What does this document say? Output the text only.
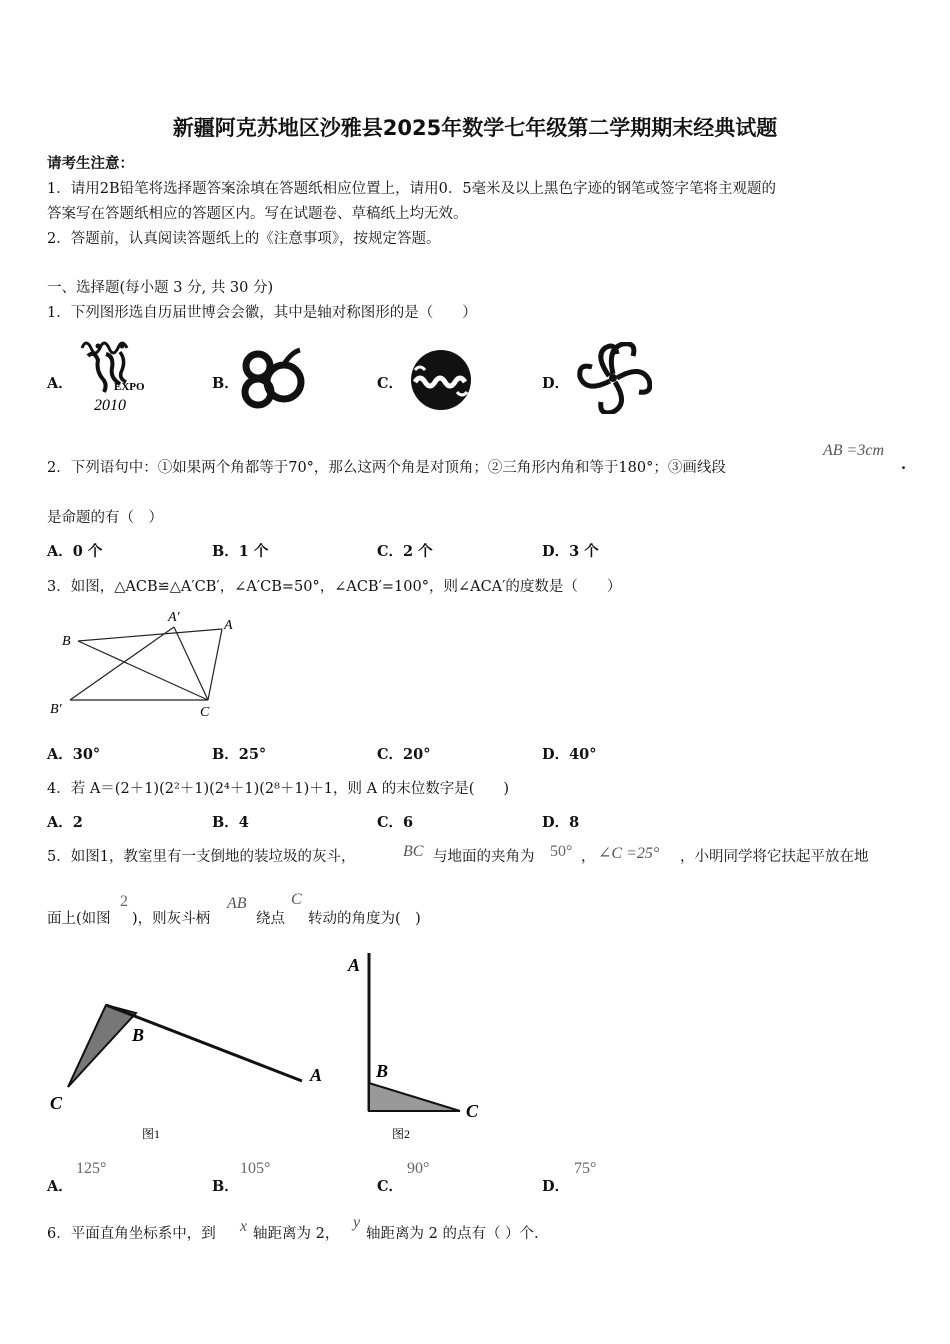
新疆阿克苏地区沙雅县2025年数学七年级第二学期期末经典试题
请考生注意：
1．请用2B铅笔将选择题答案涂填在答题纸相应位置上，请用0．5毫米及以上黑色字迹的钢笔或签字笔将主观题的
答案写在答题纸相应的答题区内。写在试题卷、草稿纸上均无效。
2．答题前，认真阅读答题纸上的《注意事项》，按规定答题。
一、选择题(每小题 3 分, 共 30 分)
1．下列图形选自历届世博会会徽，其中是轴对称图形的是（　　）
A．	B．	C．	D．
EXPO
2010
2．下列语句中：①如果两个角都等于70°，那么这两个角是对顶角；②三角形内角和等于180°；③画线段
AB =3cm
.
是命题的有（　）
A．0 个	B．1 个	C．2 个	D．3 个
3．如图，△ACB≌△A′CB′，∠A′CB=50°，∠ACB′=100°，则∠ACA′的度数是（　　）
B
A′
A
B′	C
A．30°	B．25°	C．20°	D．40°
4．若 A＝(2＋1)(2²＋1)(2⁴＋1)(2⁸＋1)＋1，则 A 的末位数字是(　　)
A．2	B．4	C．6	D．8
5．如图1，教室里有一支倒地的装垃圾的灰斗，	BC 与地面的夹角为 50° ， ∠C =25° ，小明同学将它扶起平放在地
面上(如图
2
)，则灰斗柄
AB
绕点
C
转动的角度为(　)
C
B
A
图1
A
B
C
图2
A．
125°
B．
105°
C．
90°
D．
75°
6．平面直角坐标系中，到 x 轴距离为 2，
y
轴距离为 2 的点有（ ）个.
